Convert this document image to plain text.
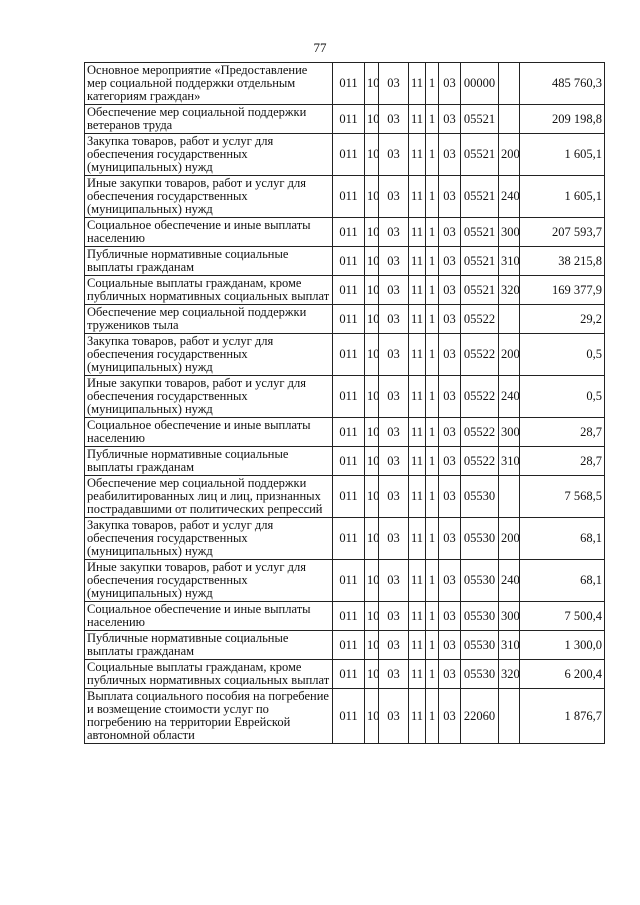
77
Основное мероприятие «Предоставление мер социальной поддержки отдельным категориям граждан»	011	10	03	11	1	03	00000		485 760,3
Обеспечение мер социальной поддержки ветеранов труда	011	10	03	11	1	03	05521		209 198,8
Закупка товаров, работ и услуг для обеспечения государственных (муниципальных) нужд	011	10	03	11	1	03	05521	200	1 605,1
Иные закупки товаров, работ и услуг для обеспечения государственных (муниципальных) нужд	011	10	03	11	1	03	05521	240	1 605,1
Социальное обеспечение и иные выплаты населению	011	10	03	11	1	03	05521	300	207 593,7
Публичные нормативные социальные выплаты гражданам	011	10	03	11	1	03	05521	310	38 215,8
Социальные выплаты гражданам, кроме публичных нормативных социальных выплат	011	10	03	11	1	03	05521	320	169 377,9
Обеспечение мер социальной поддержки тружеников тыла	011	10	03	11	1	03	05522		29,2
Закупка товаров, работ и услуг для обеспечения государственных (муниципальных) нужд	011	10	03	11	1	03	05522	200	0,5
Иные закупки товаров, работ и услуг для обеспечения государственных (муниципальных) нужд	011	10	03	11	1	03	05522	240	0,5
Социальное обеспечение и иные выплаты населению	011	10	03	11	1	03	05522	300	28,7
Публичные нормативные социальные выплаты гражданам	011	10	03	11	1	03	05522	310	28,7
Обеспечение мер социальной поддержки реабилитированных лиц и лиц, признанных пострадавшими от политических репрессий	011	10	03	11	1	03	05530		7 568,5
Закупка товаров, работ и услуг для обеспечения государственных (муниципальных) нужд	011	10	03	11	1	03	05530	200	68,1
Иные закупки товаров, работ и услуг для обеспечения государственных (муниципальных) нужд	011	10	03	11	1	03	05530	240	68,1
Социальное обеспечение и иные выплаты населению	011	10	03	11	1	03	05530	300	7 500,4
Публичные нормативные социальные выплаты гражданам	011	10	03	11	1	03	05530	310	1 300,0
Социальные выплаты гражданам, кроме публичных нормативных социальных выплат	011	10	03	11	1	03	05530	320	6 200,4
Выплата социального пособия на погребение и возмещение стоимости услуг по погребению на территории Еврейской автономной области	011	10	03	11	1	03	22060		1 876,7
